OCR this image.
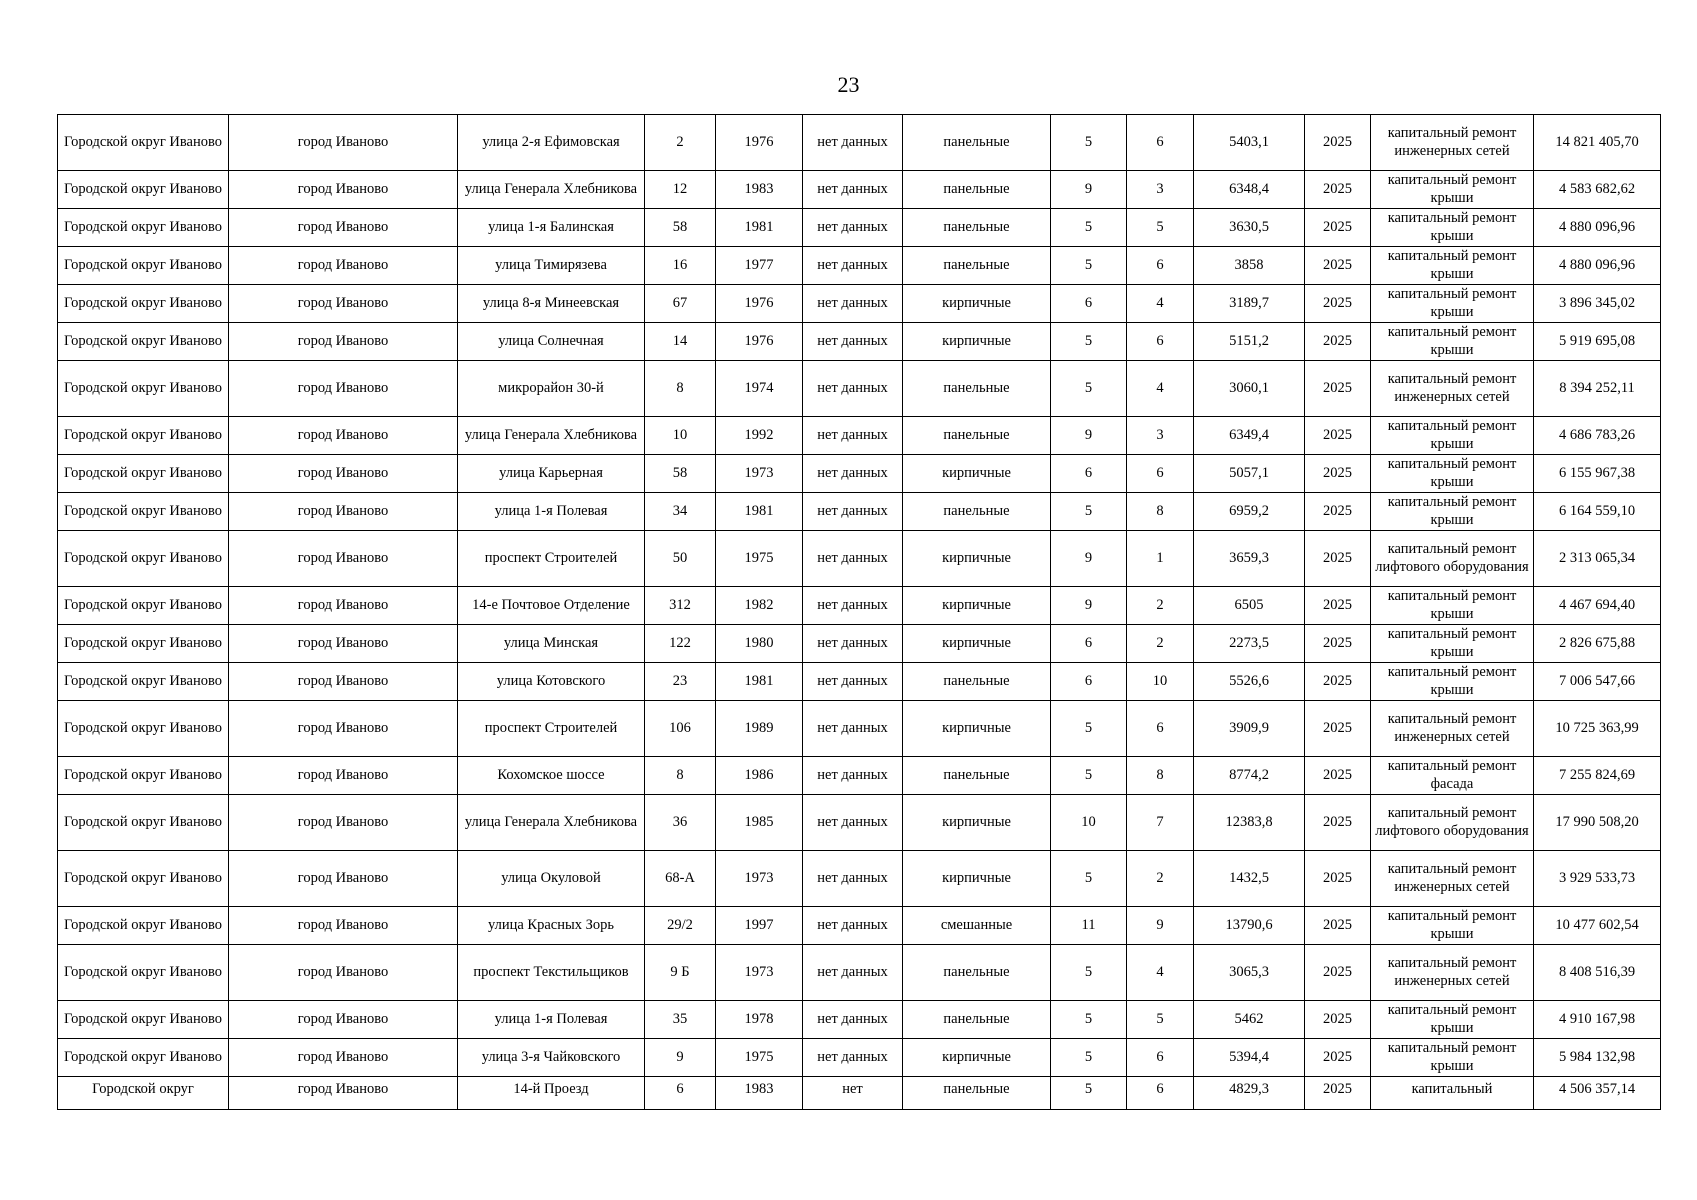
23
Городской округ Иваново	город Иваново	улица 2-я Ефимовская	2	1976	нет данных	панельные	5	6	5403,1	2025	капитальный ремонт инженерных сетей	14 821 405,70
Городской округ Иваново	город Иваново	улица Генерала Хлебникова	12	1983	нет данных	панельные	9	3	6348,4	2025	капитальный ремонт крыши	4 583 682,62
Городской округ Иваново	город Иваново	улица 1-я Балинская	58	1981	нет данных	панельные	5	5	3630,5	2025	капитальный ремонт крыши	4 880 096,96
Городской округ Иваново	город Иваново	улица Тимирязева	16	1977	нет данных	панельные	5	6	3858	2025	капитальный ремонт крыши	4 880 096,96
Городской округ Иваново	город Иваново	улица 8-я Минеевская	67	1976	нет данных	кирпичные	6	4	3189,7	2025	капитальный ремонт крыши	3 896 345,02
Городской округ Иваново	город Иваново	улица Солнечная	14	1976	нет данных	кирпичные	5	6	5151,2	2025	капитальный ремонт крыши	5 919 695,08
Городской округ Иваново	город Иваново	микрорайон 30-й	8	1974	нет данных	панельные	5	4	3060,1	2025	капитальный ремонт инженерных сетей	8 394 252,11
Городской округ Иваново	город Иваново	улица Генерала Хлебникова	10	1992	нет данных	панельные	9	3	6349,4	2025	капитальный ремонт крыши	4 686 783,26
Городской округ Иваново	город Иваново	улица Карьерная	58	1973	нет данных	кирпичные	6	6	5057,1	2025	капитальный ремонт крыши	6 155 967,38
Городской округ Иваново	город Иваново	улица 1-я Полевая	34	1981	нет данных	панельные	5	8	6959,2	2025	капитальный ремонт крыши	6 164 559,10
Городской округ Иваново	город Иваново	проспект Строителей	50	1975	нет данных	кирпичные	9	1	3659,3	2025	капитальный ремонт лифтового оборудования	2 313 065,34
Городской округ Иваново	город Иваново	14-е Почтовое Отделение	312	1982	нет данных	кирпичные	9	2	6505	2025	капитальный ремонт крыши	4 467 694,40
Городской округ Иваново	город Иваново	улица Минская	122	1980	нет данных	кирпичные	6	2	2273,5	2025	капитальный ремонт крыши	2 826 675,88
Городской округ Иваново	город Иваново	улица Котовского	23	1981	нет данных	панельные	6	10	5526,6	2025	капитальный ремонт крыши	7 006 547,66
Городской округ Иваново	город Иваново	проспект Строителей	106	1989	нет данных	кирпичные	5	6	3909,9	2025	капитальный ремонт инженерных сетей	10 725 363,99
Городской округ Иваново	город Иваново	Кохомское шоссе	8	1986	нет данных	панельные	5	8	8774,2	2025	капитальный ремонт фасада	7 255 824,69
Городской округ Иваново	город Иваново	улица Генерала Хлебникова	36	1985	нет данных	кирпичные	10	7	12383,8	2025	капитальный ремонт лифтового оборудования	17 990 508,20
Городской округ Иваново	город Иваново	улица Окуловой	68-А	1973	нет данных	кирпичные	5	2	1432,5	2025	капитальный ремонт инженерных сетей	3 929 533,73
Городской округ Иваново	город Иваново	улица Красных Зорь	29/2	1997	нет данных	смешанные	11	9	13790,6	2025	капитальный ремонт крыши	10 477 602,54
Городской округ Иваново	город Иваново	проспект Текстильщиков	9 Б	1973	нет данных	панельные	5	4	3065,3	2025	капитальный ремонт инженерных сетей	8 408 516,39
Городской округ Иваново	город Иваново	улица 1-я Полевая	35	1978	нет данных	панельные	5	5	5462	2025	капитальный ремонт крыши	4 910 167,98
Городской округ Иваново	город Иваново	улица 3-я Чайковского	9	1975	нет данных	кирпичные	5	6	5394,4	2025	капитальный ремонт крыши	5 984 132,98
Городской округ	город Иваново	14-й Проезд	6	1983	нет	панельные	5	6	4829,3	2025	капитальный	4 506 357,14
